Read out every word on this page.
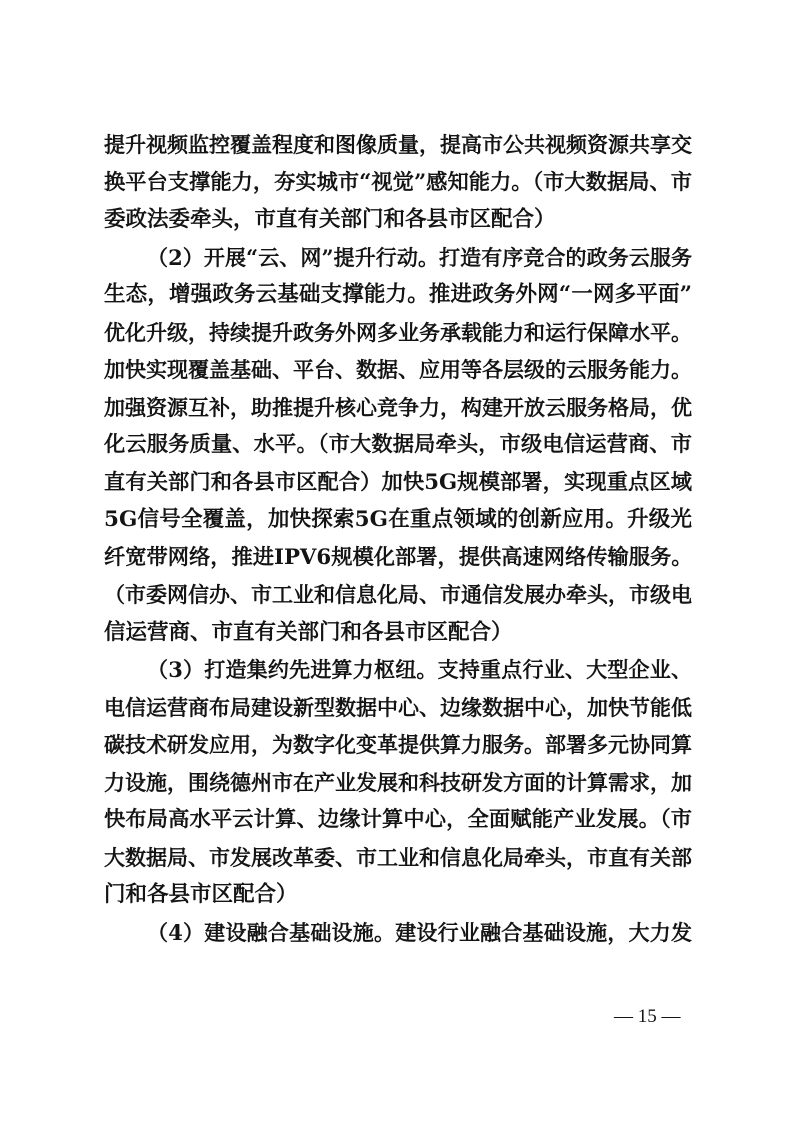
提升视频监控覆盖程度和图像质量，提高市公共视频资源共享交
换平台支撑能力，夯实城市“视觉”感知能力。（市大数据局、市
委政法委牵头，市直有关部门和各县市区配合）
（2）开展“云、网”提升行动。打造有序竞合的政务云服务
生态，增强政务云基础支撑能力。推进政务外网“一网多平面”
优化升级，持续提升政务外网多业务承载能力和运行保障水平。
加快实现覆盖基础、平台、数据、应用等各层级的云服务能力。
加强资源互补，助推提升核心竞争力，构建开放云服务格局，优
化云服务质量、水平。（市大数据局牵头，市级电信运营商、市
直有关部门和各县市区配合）加快5G规模部署，实现重点区域
5G信号全覆盖，加快探索5G在重点领域的创新应用。升级光
纤宽带网络，推进IPV6规模化部署，提供高速网络传输服务。
（市委网信办、市工业和信息化局、市通信发展办牵头，市级电
信运营商、市直有关部门和各县市区配合）
（3）打造集约先进算力枢纽。支持重点行业、大型企业、
电信运营商布局建设新型数据中心、边缘数据中心，加快节能低
碳技术研发应用，为数字化变革提供算力服务。部署多元协同算
力设施，围绕德州市在产业发展和科技研发方面的计算需求，加
快布局高水平云计算、边缘计算中心，全面赋能产业发展。（市
大数据局、市发展改革委、市工业和信息化局牵头，市直有关部
门和各县市区配合）
（4）建设融合基础设施。建设行业融合基础设施，大力发
— 15 —
